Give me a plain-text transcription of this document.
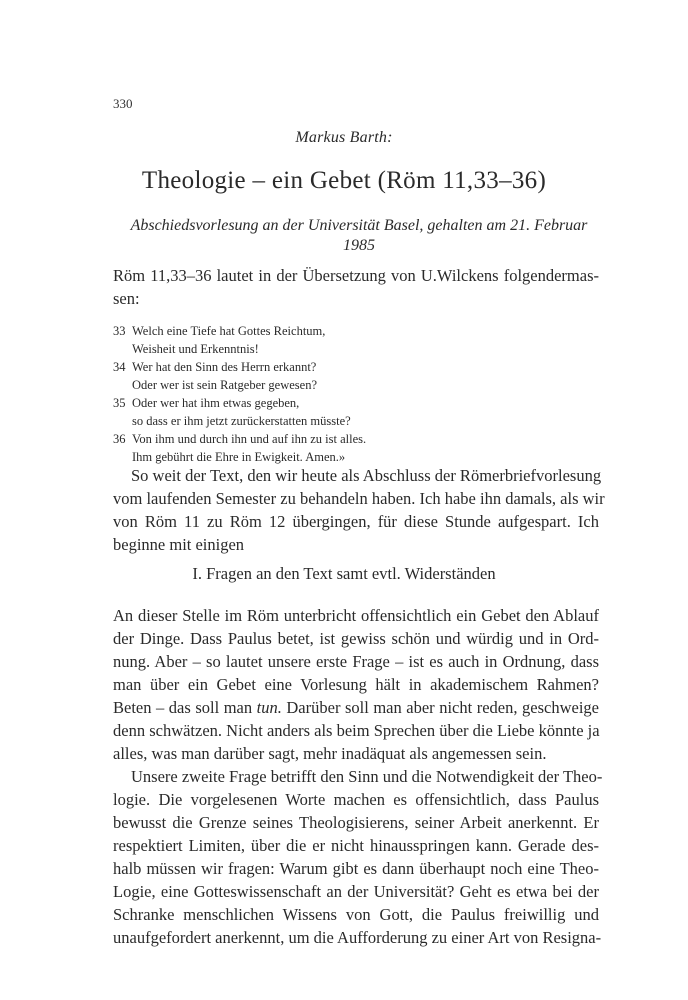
330
Markus Barth:
Theologie – ein Gebet (Röm 11,33–36)
Abschiedsvorlesung an der Universität Basel, gehalten am 21. Februar 1985
Röm 11,33–36 lautet in der Übersetzung von U.Wilckens folgendermas-
sen:
33 Welch eine Tiefe hat Gottes Reichtum,
Weisheit und Erkenntnis!
34 Wer hat den Sinn des Herrn erkannt?
Oder wer ist sein Ratgeber gewesen?
35 Oder wer hat ihm etwas gegeben,
so dass er ihm jetzt zurückerstatten müsste?
36 Von ihm und durch ihn und auf ihn zu ist alles.
Ihm gebührt die Ehre in Ewigkeit. Amen.»
So weit der Text, den wir heute als Abschluss der Römerbriefvorlesung
vom laufenden Semester zu behandeln haben. Ich habe ihn damals, als wir
von Röm 11 zu Röm 12 übergingen, für diese Stunde aufgespart. Ich
beginne mit einigen
I. Fragen an den Text samt evtl. Widerständen
An dieser Stelle im Röm unterbricht offensichtlich ein Gebet den Ablauf
der Dinge. Dass Paulus betet, ist gewiss schön und würdig und in Ord-
nung. Aber – so lautet unsere erste Frage – ist es auch in Ordnung, dass
man über ein Gebet eine Vorlesung hält in akademischem Rahmen?
Beten – das soll man tun. Darüber soll man aber nicht reden, geschweige
denn schwätzen. Nicht anders als beim Sprechen über die Liebe könnte ja
alles, was man darüber sagt, mehr inadäquat als angemessen sein.
Unsere zweite Frage betrifft den Sinn und die Notwendigkeit der Theo-
logie. Die vorgelesenen Worte machen es offensichtlich, dass Paulus
bewusst die Grenze seines Theologisierens, seiner Arbeit anerkennt. Er
respektiert Limiten, über die er nicht hinausspringen kann. Gerade des-
halb müssen wir fragen: Warum gibt es dann überhaupt noch eine Theo-
Logie, eine Gotteswissenschaft an der Universität? Geht es etwa bei der
Schranke menschlichen Wissens von Gott, die Paulus freiwillig und
unaufgefordert anerkennt, um die Aufforderung zu einer Art von Resigna-
